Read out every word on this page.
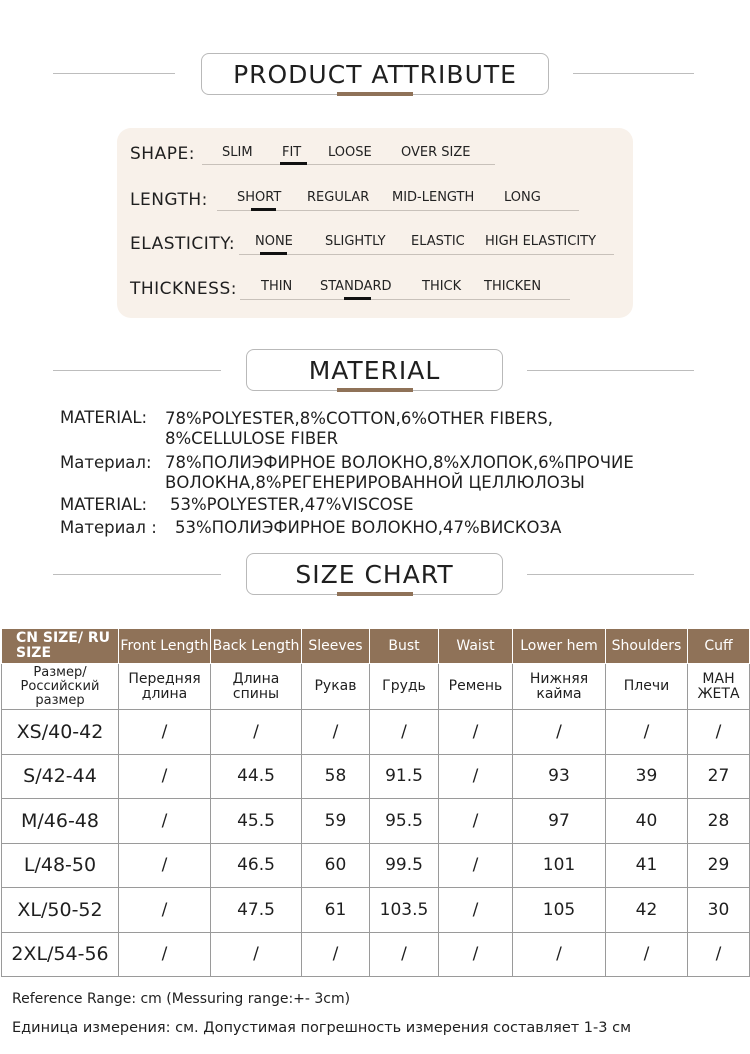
PRODUCT ATTRIBUTE
SHAPE: SLIM FIT LOOSE OVER SIZE
LENGTH: SHORT REGULAR MID-LENGTH LONG
ELASTICITY: NONE SLIGHTLY ELASTIC HIGH ELASTICITY
THICKNESS: THIN STANDARD THICK THICKEN
MATERIAL
MATERIAL: 78%POLYESTER,8%COTTON,6%OTHER FIBERS,
8%CELLULOSE FIBER
Материал: 78%ПОЛИЭФИРНОЕ ВОЛОКНО,8%ХЛОПОК,6%ПРОЧИЕ
ВОЛОКНА,8%РЕГЕНЕРИРОВАННОЙ ЦЕЛЛЮЛОЗЫ
MATERIAL: 53%POLYESTER,47%VISCOSE
Материал : 53%ПОЛИЭФИРНОЕ ВОЛОКНО,47%ВИСКОЗА
SIZE CHART
CN SIZE/ RU SIZE	Front Length	Back Length	Sleeves	Bust	Waist	Lower hem	Shoulders	Cuff
Размер/ Российский размер	Передняя длина	Длина спины	Рукав	Грудь	Ремень	Нижняя кайма	Плечи	МАН ЖЕТА
XS/40-42	/	/	/	/	/	/	/	/
S/42-44	/	44.5	58	91.5	/	93	39	27
M/46-48	/	45.5	59	95.5	/	97	40	28
L/48-50	/	46.5	60	99.5	/	101	41	29
XL/50-52	/	47.5	61	103.5	/	105	42	30
2XL/54-56	/	/	/	/	/	/	/	/
Reference Range: cm (Messuring range:+- 3cm)
Единица измерения: см. Допустимая погрешность измерения составляет 1-3 см
